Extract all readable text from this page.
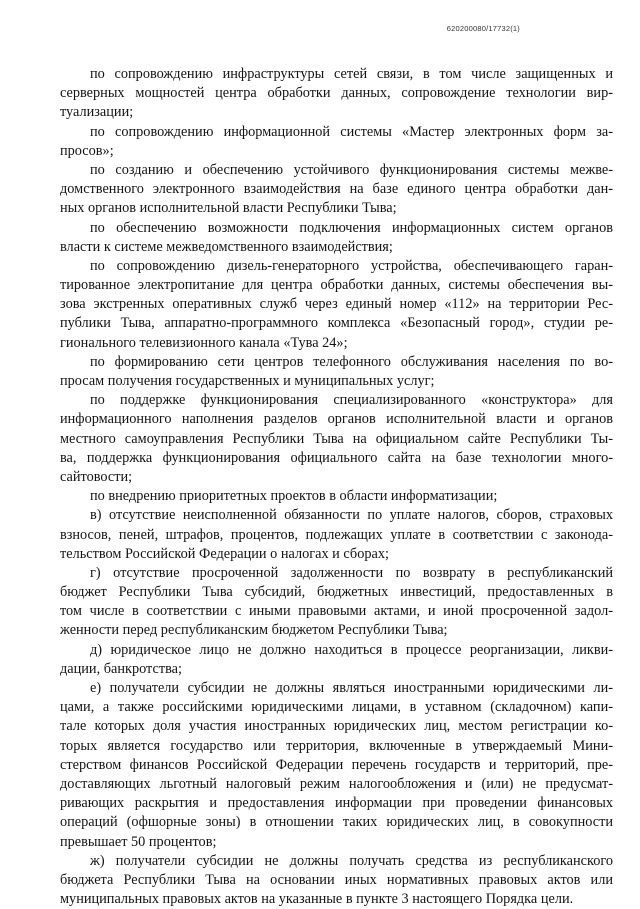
620200080/17732(1)
по сопровождению инфраструктуры сетей связи, в том числе защищенных и
серверных мощностей центра обработки данных, сопровождение технологии вир-
туализации;
по сопровождению информационной системы «Мастер электронных форм за-
просов»;
по созданию и обеспечению устойчивого функционирования системы межве-
домственного электронного взаимодействия на базе единого центра обработки дан-
ных органов исполнительной власти Республики Тыва;
по обеспечению возможности подключения информационных систем органов
власти к системе межведомственного взаимодействия;
по сопровождению дизель-генераторного устройства, обеспечивающего гаран-
тированное электропитание для центра обработки данных, системы обеспечения вы-
зова экстренных оперативных служб через единый номер «112» на территории Рес-
публики Тыва, аппаратно-программного комплекса «Безопасный город», студии ре-
гионального телевизионного канала «Тува 24»;
по формированию сети центров телефонного обслуживания населения по во-
просам получения государственных и муниципальных услуг;
по поддержке функционирования специализированного «конструктора» для
информационного наполнения разделов органов исполнительной власти и органов
местного самоуправления Республики Тыва на официальном сайте Республики Ты-
ва, поддержка функционирования официального сайта на базе технологии много-
сайтовости;
по внедрению приоритетных проектов в области информатизации;
в) отсутствие неисполненной обязанности по уплате налогов, сборов, страховых
взносов, пеней, штрафов, процентов, подлежащих уплате в соответствии с законода-
тельством Российской Федерации о налогах и сборах;
г) отсутствие просроченной задолженности по возврату в республиканский
бюджет Республики Тыва субсидий, бюджетных инвестиций, предоставленных в
том числе в соответствии с иными правовыми актами, и иной просроченной задол-
женности перед республиканским бюджетом Республики Тыва;
д) юридическое лицо не должно находиться в процессе реорганизации, ликви-
дации, банкротства;
е) получатели субсидии не должны являться иностранными юридическими ли-
цами, а также российскими юридическими лицами, в уставном (складочном) капи-
тале которых доля участия иностранных юридических лиц, местом регистрации ко-
торых является государство или территория, включенные в утверждаемый Мини-
стерством финансов Российской Федерации перечень государств и территорий, пре-
доставляющих льготный налоговый режим налогообложения и (или) не предусмат-
ривающих раскрытия и предоставления информации при проведении финансовых
операций (офшорные зоны) в отношении таких юридических лиц, в совокупности
превышает 50 процентов;
ж) получатели субсидии не должны получать средства из республиканского
бюджета Республики Тыва на основании иных нормативных правовых актов или
муниципальных правовых актов на указанные в пункте 3 настоящего Порядка цели.
